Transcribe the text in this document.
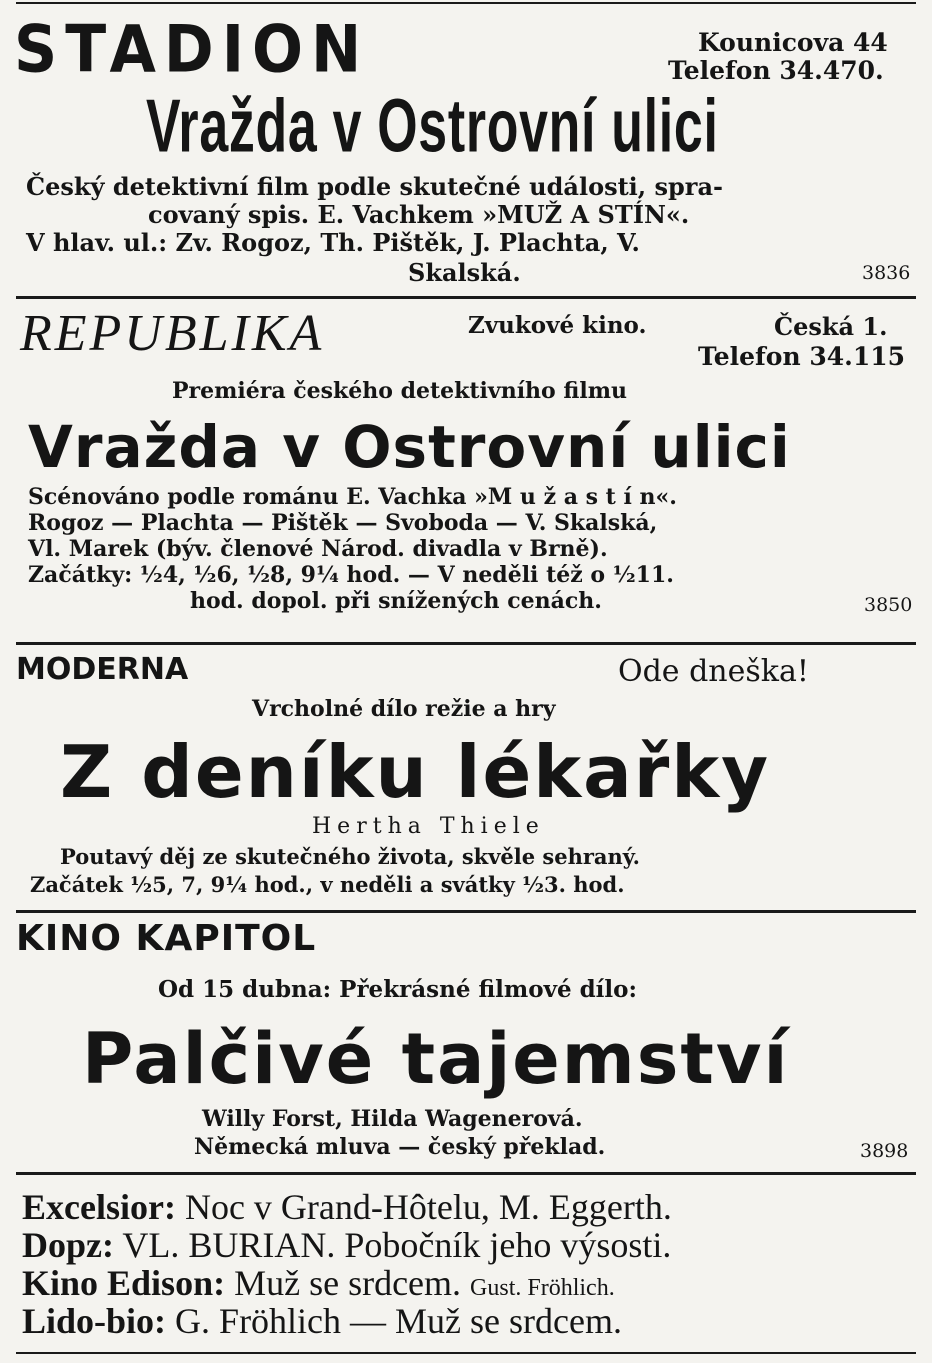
STADION	Kounicova 44
Telefon 34.470.
Vražda v Ostrovní ulici
Český detektivní film podle skutečné události, spra-
covaný spis. E. Vachkem »MUŽ A STÍN«.
V hlav. ul.: Zv. Rogoz, Th. Pištěk, J. Plachta, V.
Skalská.	3836
REPUBLIKA	Zvukové kino.	Česká 1.
Telefon 34.115
Premiéra českého detektivního filmu
Vražda v Ostrovní ulici
Scénováno podle románu E. Vachka »M u ž a s t í n«.
Rogoz — Plachta — Pištěk — Svoboda — V. Skalská,
Vl. Marek (býv. členové Národ. divadla v Brně).
Začátky: ½4, ½6, ½8, 9¼ hod. — V neděli též o ½11.
hod. dopol. při snížených cenách.	3850
MODERNA	Ode dneška!
Vrcholné dílo režie a hry
Z deníku lékařky
Hertha Thiele
Poutavý děj ze skutečného života, skvěle sehraný.
Začátek ½5, 7, 9¼ hod., v neděli a svátky ½3. hod.
KINO KAPITOL
Od 15 dubna: Překrásné filmové dílo:
Palčivé tajemství
Willy Forst, Hilda Wagenerová.
Německá mluva — český překlad.	3898
Excelsior: Noc v Grand-Hôtelu, M. Eggerth.
Dopz: VL. BURIAN. Pobočník jeho výsosti.
Kino Edison: Muž se srdcem. Gust. Fröhlich.
Lido-bio: G. Fröhlich — Muž se srdcem.
